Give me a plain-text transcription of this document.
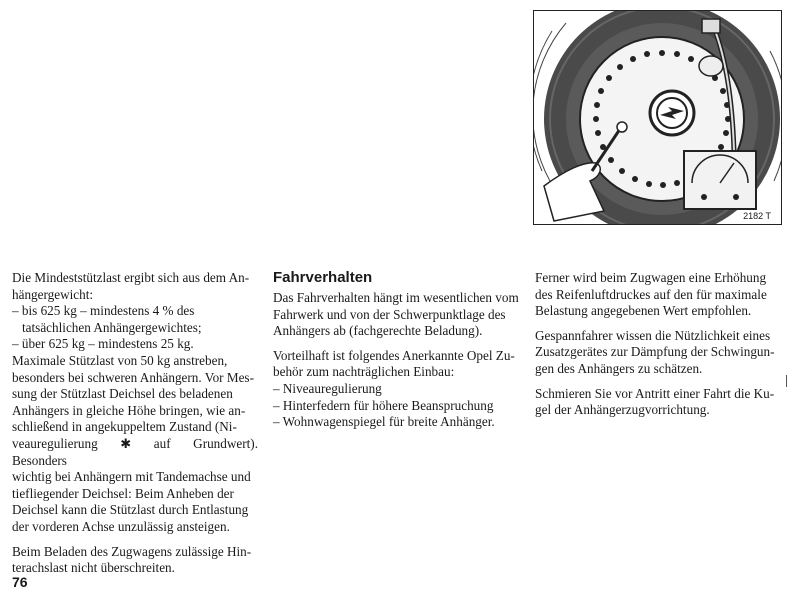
2182 T

Die Mindeststützlast ergibt sich aus dem An-
hängergewicht:
– bis 625 kg – mindestens 4 % des
tatsächlichen Anhängergewichtes;
– über 625 kg – mindestens 25 kg.
Maximale Stützlast von 50 kg anstreben,
besonders bei schweren Anhängern. Vor Mes-
sung der Stützlast Deichsel des beladenen
Anhängers in gleiche Höhe bringen, wie an-
schließend in angekuppeltem Zustand (Ni-
veauregulierung ✱ auf Grundwert). Besonders
wichtig bei Anhängern mit Tandemachse und
tiefliegender Deichsel: Beim Anheben der
Deichsel kann die Stützlast durch Entlastung
der vorderen Achse unzulässig ansteigen.

Beim Beladen des Zugwagens zulässige Hin-
terachslast nicht überschreiten.

Fahrverhalten

Das Fahrverhalten hängt im wesentlichen vom
Fahrwerk und von der Schwerpunktlage des
Anhängers ab (fachgerechte Beladung).

Vorteilhaft ist folgendes Anerkannte Opel Zu-
behör zum nachträglichen Einbau:

– Niveauregulierung
– Hinterfedern für höhere Beanspruchung
– Wohnwagenspiegel für breite Anhänger.

Ferner wird beim Zugwagen eine Erhöhung
des Reifenluftdruckes auf den für maximale
Belastung angegebenen Wert empfohlen.

Gespannfahrer wissen die Nützlichkeit eines
Zusatzgerätes zur Dämpfung der Schwingun-
gen des Anhängers zu schätzen.

Schmieren Sie vor Antritt einer Fahrt die Ku-
gel der Anhängerzugvorrichtung.

76
